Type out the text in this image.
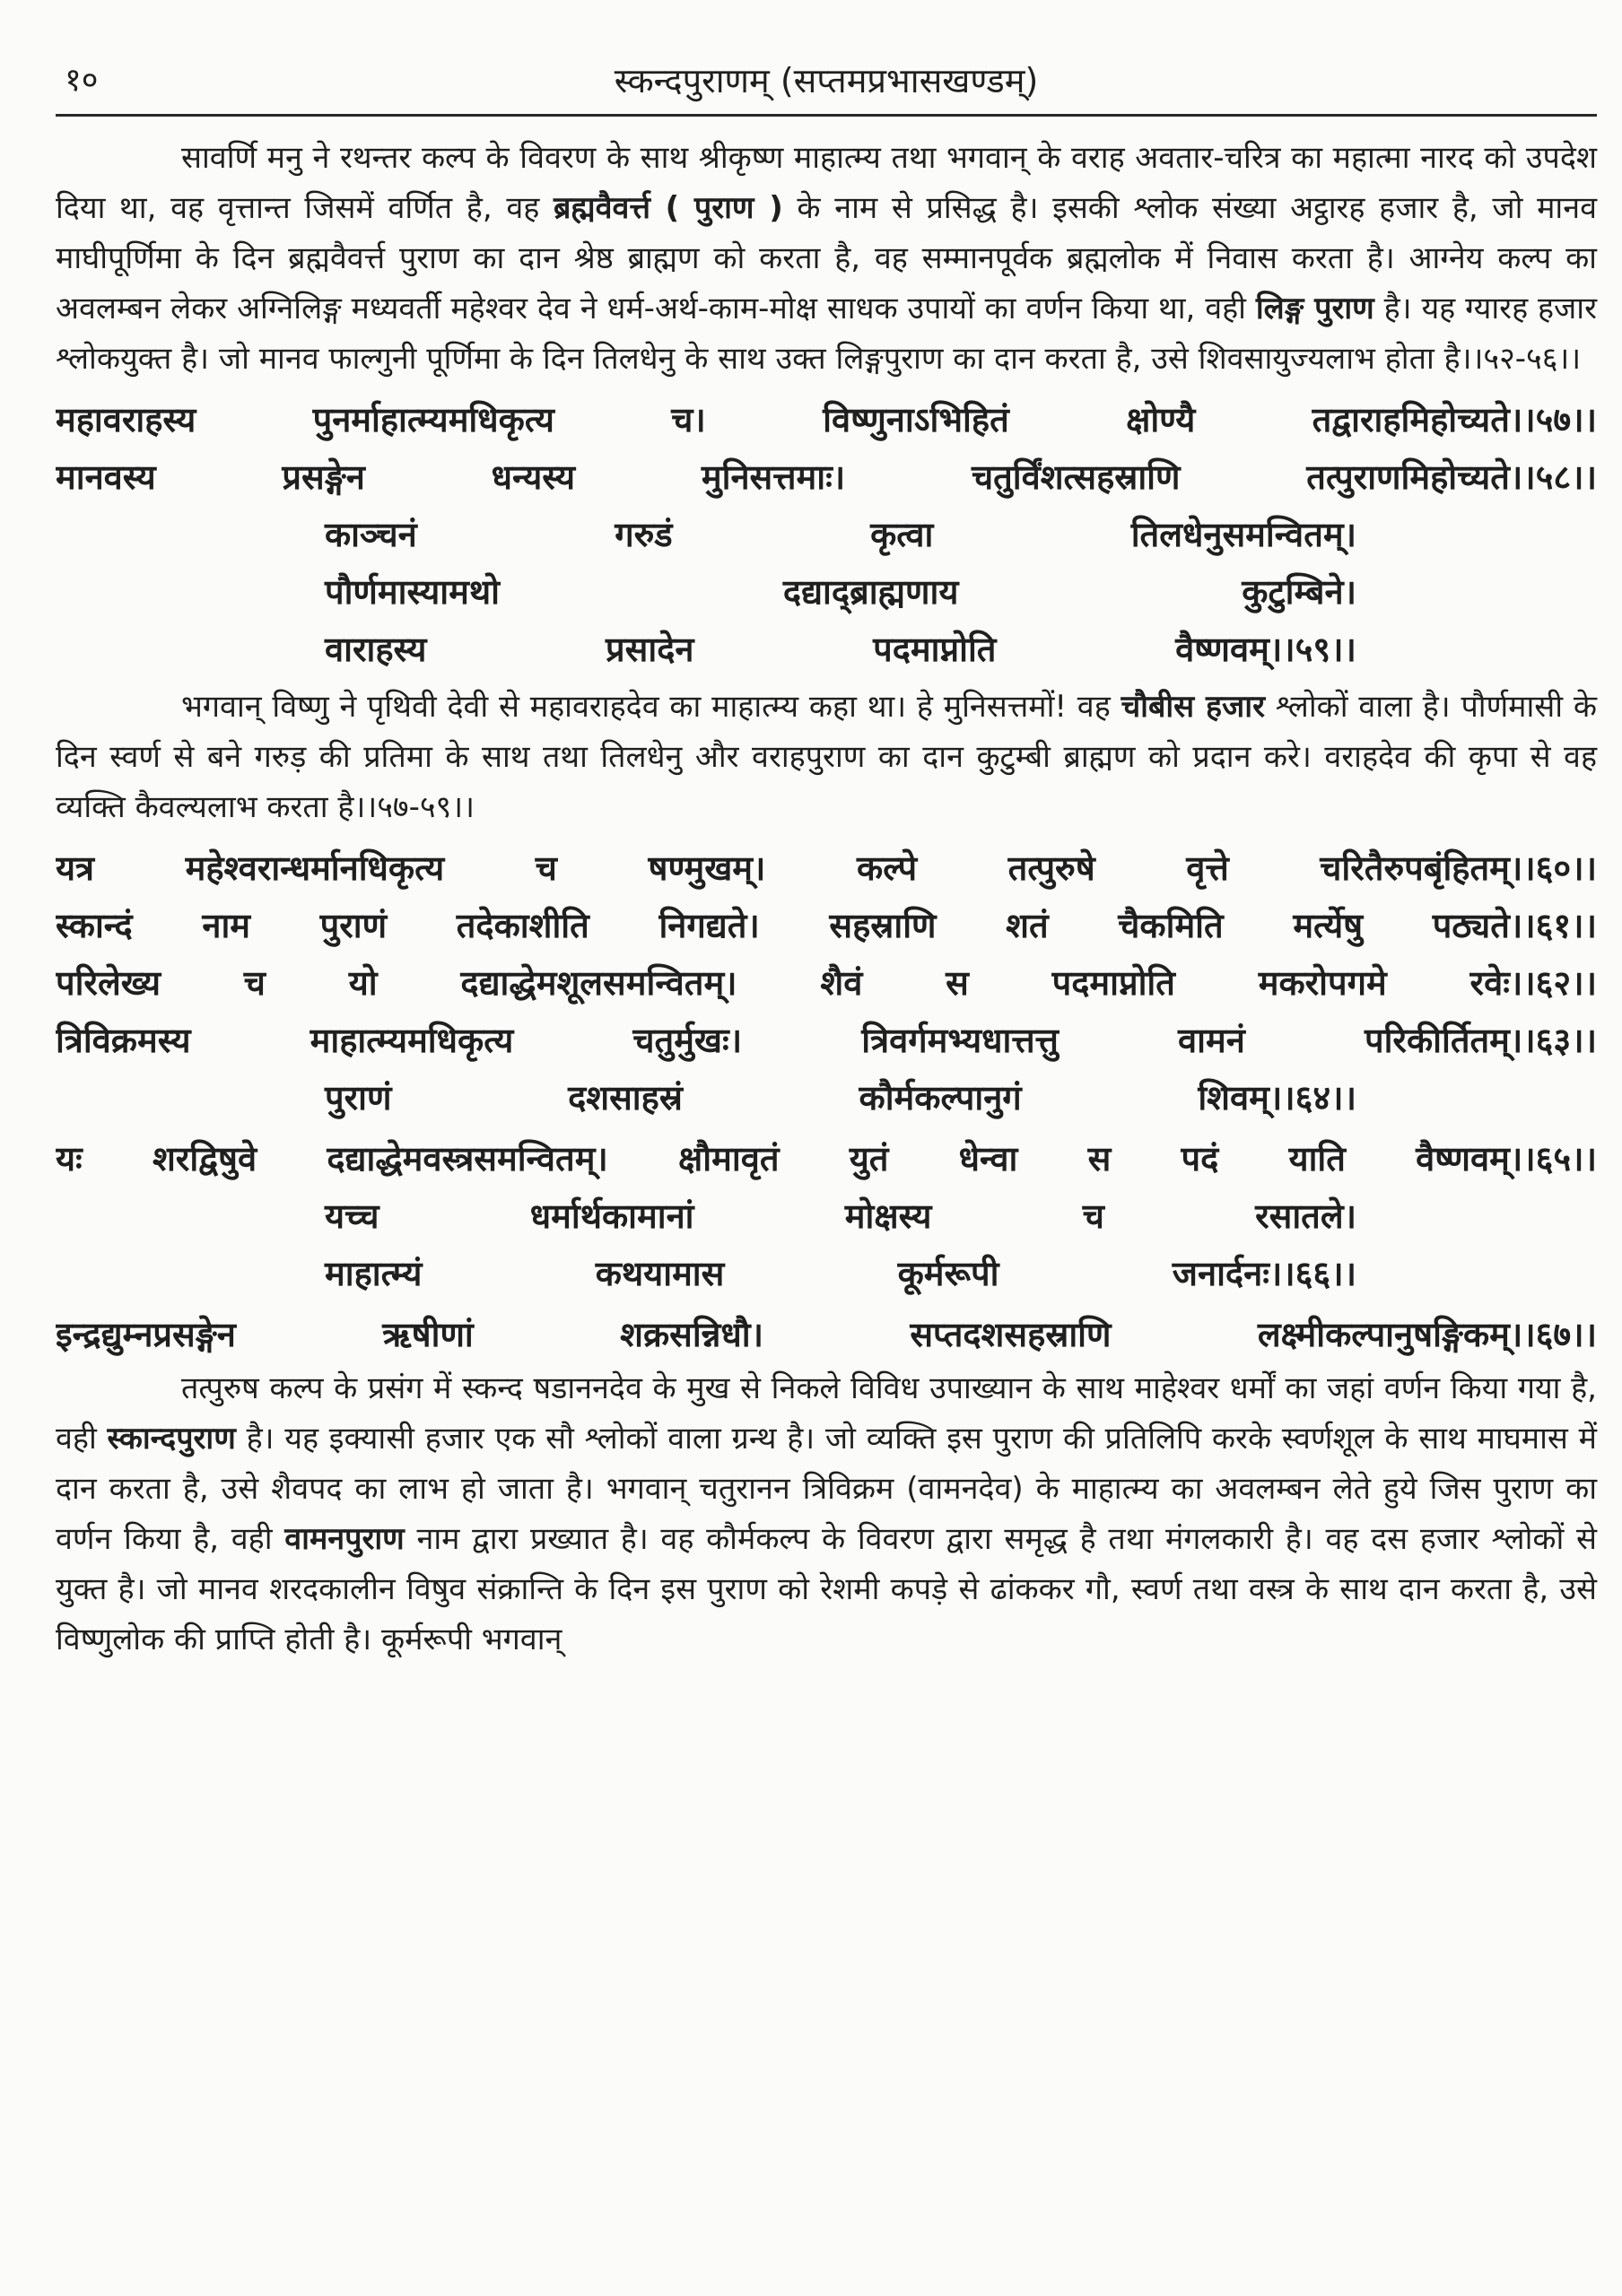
१०	स्कन्दपुराणम् (सप्तमप्रभासखण्डम्)

सावर्णि मनु ने रथन्तर कल्प के विवरण के साथ श्रीकृष्ण माहात्म्य तथा भगवान् के वराह अवतार-चरित्र का महात्मा नारद को उपदेश दिया था, वह वृत्तान्त जिसमें वर्णित है, वह ब्रह्मवैवर्त्त ( पुराण ) के नाम से प्रसिद्ध है। इसकी श्लोक संख्या अट्ठारह हजार है, जो मानव माघीपूर्णिमा के दिन ब्रह्मवैवर्त्त पुराण का दान श्रेष्ठ ब्राह्मण को करता है, वह सम्मानपूर्वक ब्रह्मलोक में निवास करता है। आग्नेय कल्प का अवलम्बन लेकर अग्निलिङ्ग मध्यवर्ती महेश्वर देव ने धर्म-अर्थ-काम-मोक्ष साधक उपायों का वर्णन किया था, वही लिङ्ग पुराण है। यह ग्यारह हजार श्लोकयुक्त है। जो मानव फाल्गुनी पूर्णिमा के दिन तिलधेनु के साथ उक्त लिङ्गपुराण का दान करता है, उसे शिवसायुज्यलाभ होता है।।५२-५६।।

महावराहस्य पुनर्माहात्म्यमधिकृत्य च। विष्णुनाऽभिहितं क्षोण्यै तद्वाराहमिहोच्यते।।५७।।
मानवस्य प्रसङ्गेन धन्यस्य मुनिसत्तमाः। चतुर्विंशत्सहस्राणि तत्पुराणमिहोच्यते।।५८।।
काञ्चनं	गरुडं	कृत्वा	तिलधेनुसमन्वितम्।
पौर्णमास्यामथो	दद्याद्ब्राह्मणाय	कुटुम्बिने।
वाराहस्य	प्रसादेन	पदमाप्नोति	वैष्णवम्।।५९।।

भगवान् विष्णु ने पृथिवी देवी से महावराहदेव का माहात्म्य कहा था। हे मुनिसत्तमों! वह चौबीस हजार श्लोकों वाला है। पौर्णमासी के दिन स्वर्ण से बने गरुड़ की प्रतिमा के साथ तथा तिलधेनु और वराहपुराण का दान कुटुम्बी ब्राह्मण को प्रदान करे। वराहदेव की कृपा से वह व्यक्ति कैवल्यलाभ करता है।।५७-५९।।

यत्र महेश्वरान्धर्मानधिकृत्य च षण्मुखम्। कल्पे तत्पुरुषे वृत्ते चरितैरुपबृंहितम्।।६०।।
स्कान्दं नाम पुराणं तदेकाशीति निगद्यते। सहस्राणि शतं चैकमिति मर्त्येषु पठ्यते।।६१।।
परिलेख्य च यो दद्याद्धेमशूलसमन्वितम्। शैवं स पदमाप्नोति मकरोपगमे रवेः।।६२।।
त्रिविक्रमस्य माहात्म्यमधिकृत्य चतुर्मुखः। त्रिवर्गमभ्यधात्तत्तु वामनं परिकीर्तितम्।।६३।।
पुराणं	दशसाहस्रं	कौर्मकल्पानुगं	शिवम्।।६४।।
यः शरद्विषुवे दद्याद्धेमवस्त्रसमन्वितम्। क्षौमावृतं युतं धेन्वा स पदं याति वैष्णवम्।।६५।।
यच्च	धर्मार्थकामानां	मोक्षस्य	च	रसातले।
माहात्म्यं	कथयामास	कूर्मरूपी	जनार्दनः।।६६।।
इन्द्रद्युम्नप्रसङ्गेन ऋषीणां शक्रसन्निधौ। सप्तदशसहस्राणि लक्ष्मीकल्पानुषङ्गिकम्।।६७।।

तत्पुरुष कल्प के प्रसंग में स्कन्द षडाननदेव के मुख से निकले विविध उपाख्यान के साथ माहेश्वर धर्मों का जहां वर्णन किया गया है, वही स्कान्दपुराण है। यह इक्यासी हजार एक सौ श्लोकों वाला ग्रन्थ है। जो व्यक्ति इस पुराण की प्रतिलिपि करके स्वर्णशूल के साथ माघमास में दान करता है, उसे शैवपद का लाभ हो जाता है। भगवान् चतुरानन त्रिविक्रम (वामनदेव) के माहात्म्य का अवलम्बन लेते हुये जिस पुराण का वर्णन किया है, वही वामनपुराण नाम द्वारा प्रख्यात है। वह कौर्मकल्प के विवरण द्वारा समृद्ध है तथा मंगलकारी है। वह दस हजार श्लोकों से युक्त है। जो मानव शरदकालीन विषुव संक्रान्ति के दिन इस पुराण को रेशमी कपड़े से ढांककर गौ, स्वर्ण तथा वस्त्र के साथ दान करता है, उसे विष्णुलोक की प्राप्ति होती है। कूर्मरूपी भगवान्
